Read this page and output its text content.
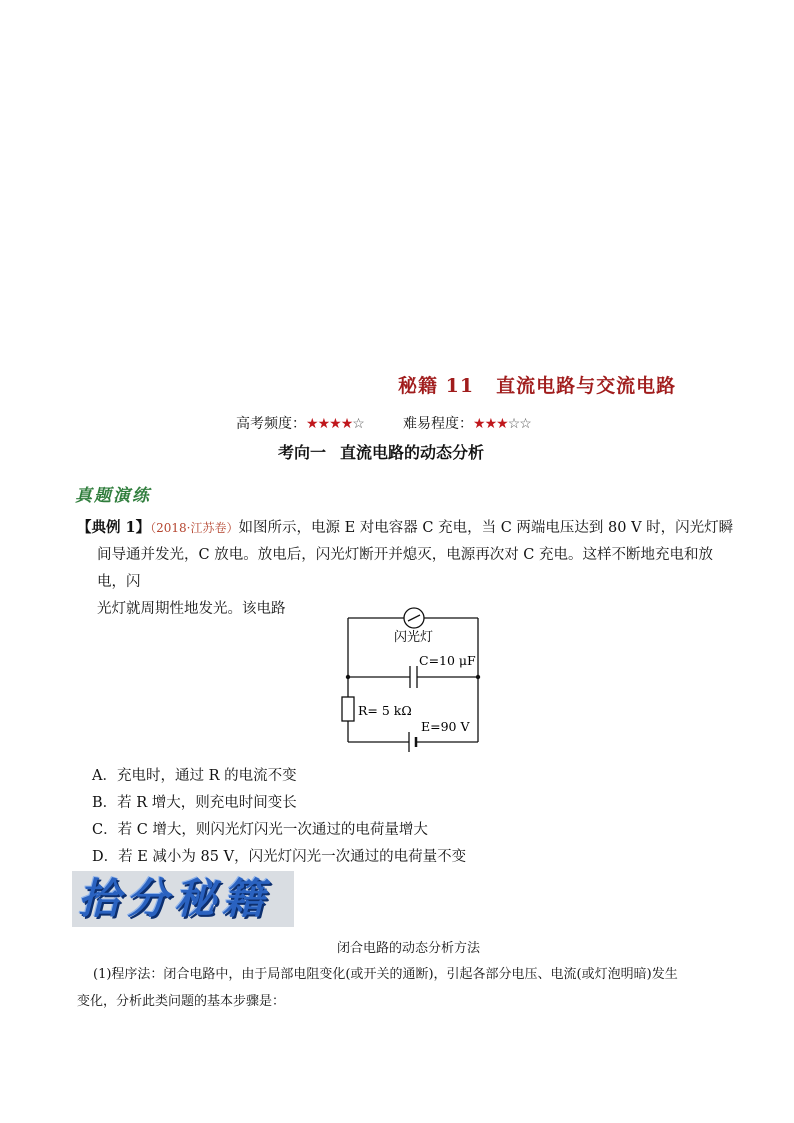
秘籍 11 直流电路与交流电路
高考频度：★★★★☆	难易程度：★★★☆☆
考向一 直流电路的动态分析
真题演练
【典例 1】（2018·江苏卷）如图所示，电源 E 对电容器 C 充电，当 C 两端电压达到 80 V 时，闪光灯瞬
间导通并发光，C 放电。放电后，闪光灯断开并熄灭，电源再次对 C 充电。这样不断地充电和放电，闪
光灯就周期性地发光。该电路
闪光灯
C=10 μF
R= 5 kΩ
E=90 V
A．充电时，通过 R 的电流不变
B．若 R 增大，则充电时间变长
C．若 C 增大，则闪光灯闪光一次通过的电荷量增大
D．若 E 减小为 85 V，闪光灯闪光一次通过的电荷量不变
拾分秘籍
闭合电路的动态分析方法
(1)程序法：闭合电路中，由于局部电阻变化(或开关的通断)，引起各部分电压、电流(或灯泡明暗)发生
变化，分析此类问题的基本步骤是：
